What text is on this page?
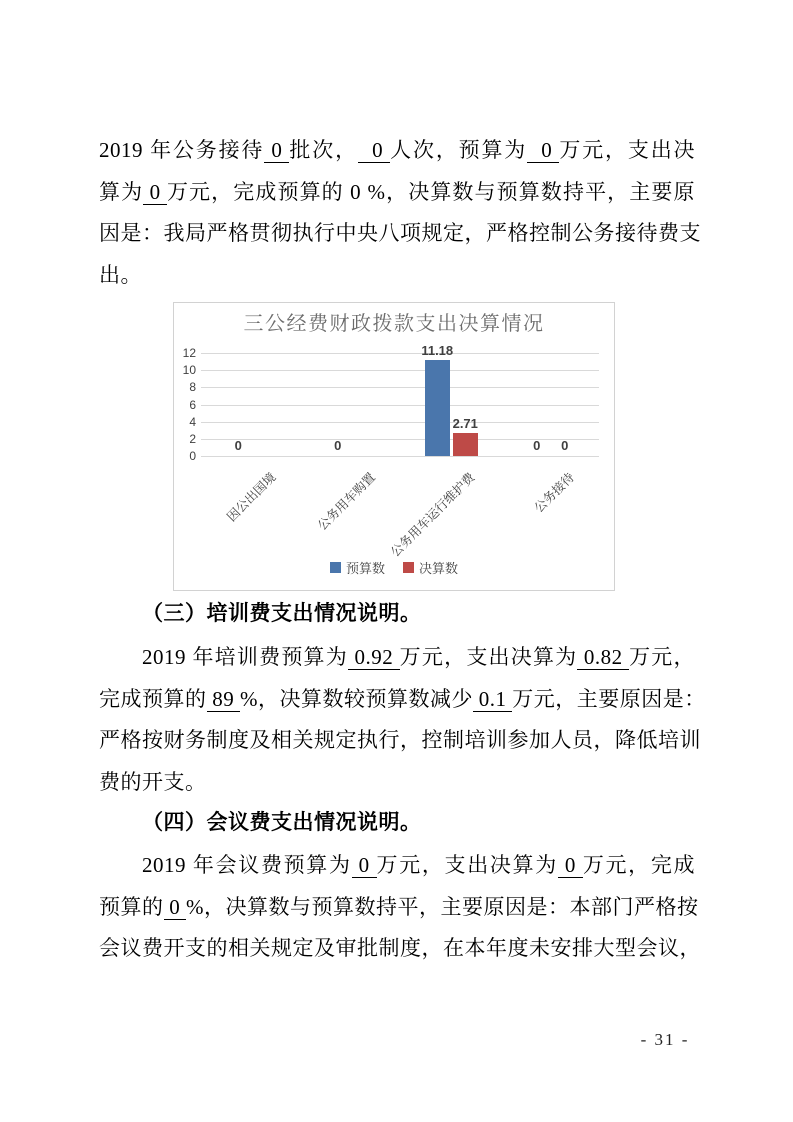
2019 年公务接待 0 批次，  0 人次，预算为  0 万元，支出决
算为 0 万元，完成预算的 0 %，决算数与预算数持平，主要原
因是：我局严格贯彻执行中央八项规定，严格控制公务接待费支
出。
三公经费财政拨款支出决算情况
预算数	决算数
0
2
4
6
8
10
12
0
因公出国境
0
公务用车购置
11.18
2.71
公务用车运行维护费
0	0
公务接待
（三）培训费支出情况说明。
2019 年培训费预算为 0.92 万元，支出决算为 0.82 万元，
完成预算的 89 %，决算数较预算数减少 0.1 万元，主要原因是：
严格按财务制度及相关规定执行，控制培训参加人员，降低培训
费的开支。
（四）会议费支出情况说明。
2019 年会议费预算为 0 万元，支出决算为 0 万元，完成
预算的 0 %，决算数与预算数持平，主要原因是：本部门严格按
会议费开支的相关规定及审批制度，在本年度未安排大型会议，
- 31 -
